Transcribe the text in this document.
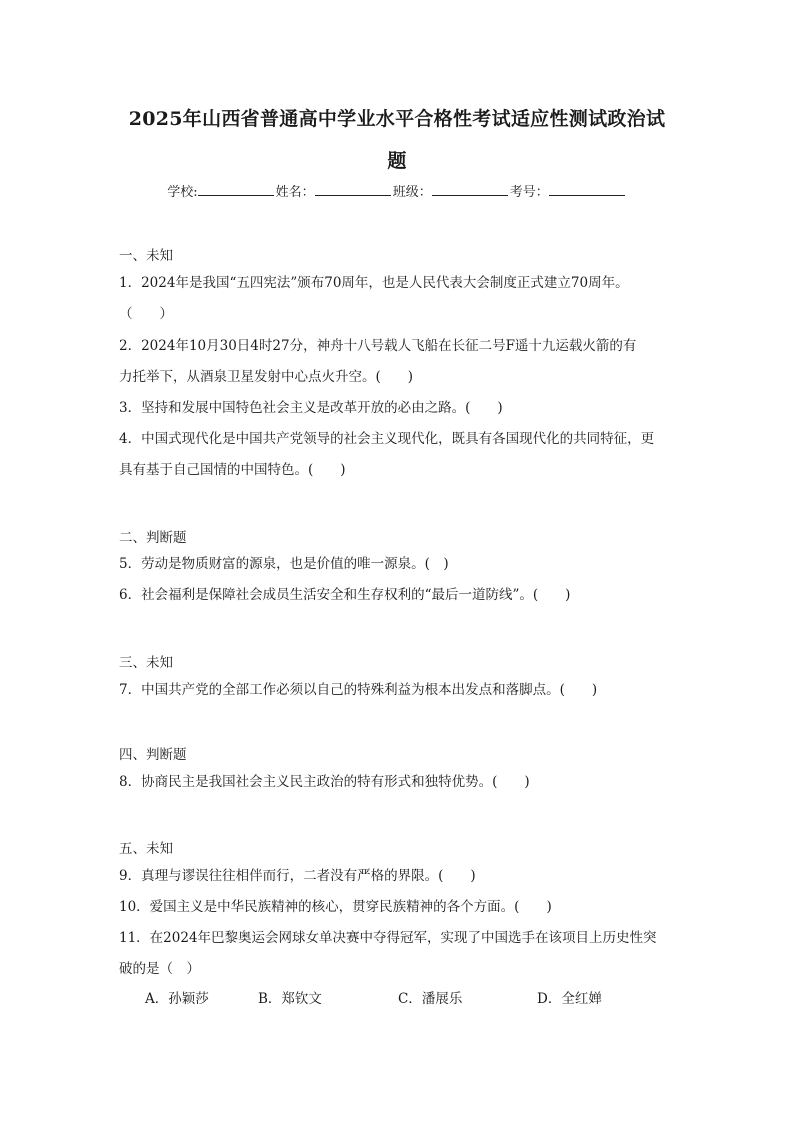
2025年山西省普通高中学业水平合格性考试适应性测试政治试
题
学校:	姓名：	班级：	考号：
一、未知
1．2024年是我国“五四宪法”颁布70周年，也是人民代表大会制度正式建立70周年。
（　　）
2．2024年10月30日4时27分，神舟十八号载人飞船在长征二号F遥十九运载火箭的有
力托举下，从酒泉卫星发射中心点火升空。(　　)
3．坚持和发展中国特色社会主义是改革开放的必由之路。(　　)
4．中国式现代化是中国共产党领导的社会主义现代化，既具有各国现代化的共同特征，更
具有基于自己国情的中国特色。(　　)
二、判断题
5．劳动是物质财富的源泉，也是价值的唯一源泉。(　)
6．社会福利是保障社会成员生活安全和生存权利的“最后一道防线”。(　　)
三、未知
7．中国共产党的全部工作必须以自己的特殊利益为根本出发点和落脚点。(　　)
四、判断题
8．协商民主是我国社会主义民主政治的特有形式和独特优势。(　　)
五、未知
9．真理与谬误往往相伴而行，二者没有严格的界限。(　　)
10．爱国主义是中华民族精神的核心，贯穿民族精神的各个方面。(　　)
11．在2024年巴黎奥运会网球女单决赛中夺得冠军，实现了中国选手在该项目上历史性突
破的是（　）
A．孙颖莎	B．郑钦文	C．潘展乐	D．全红婵
